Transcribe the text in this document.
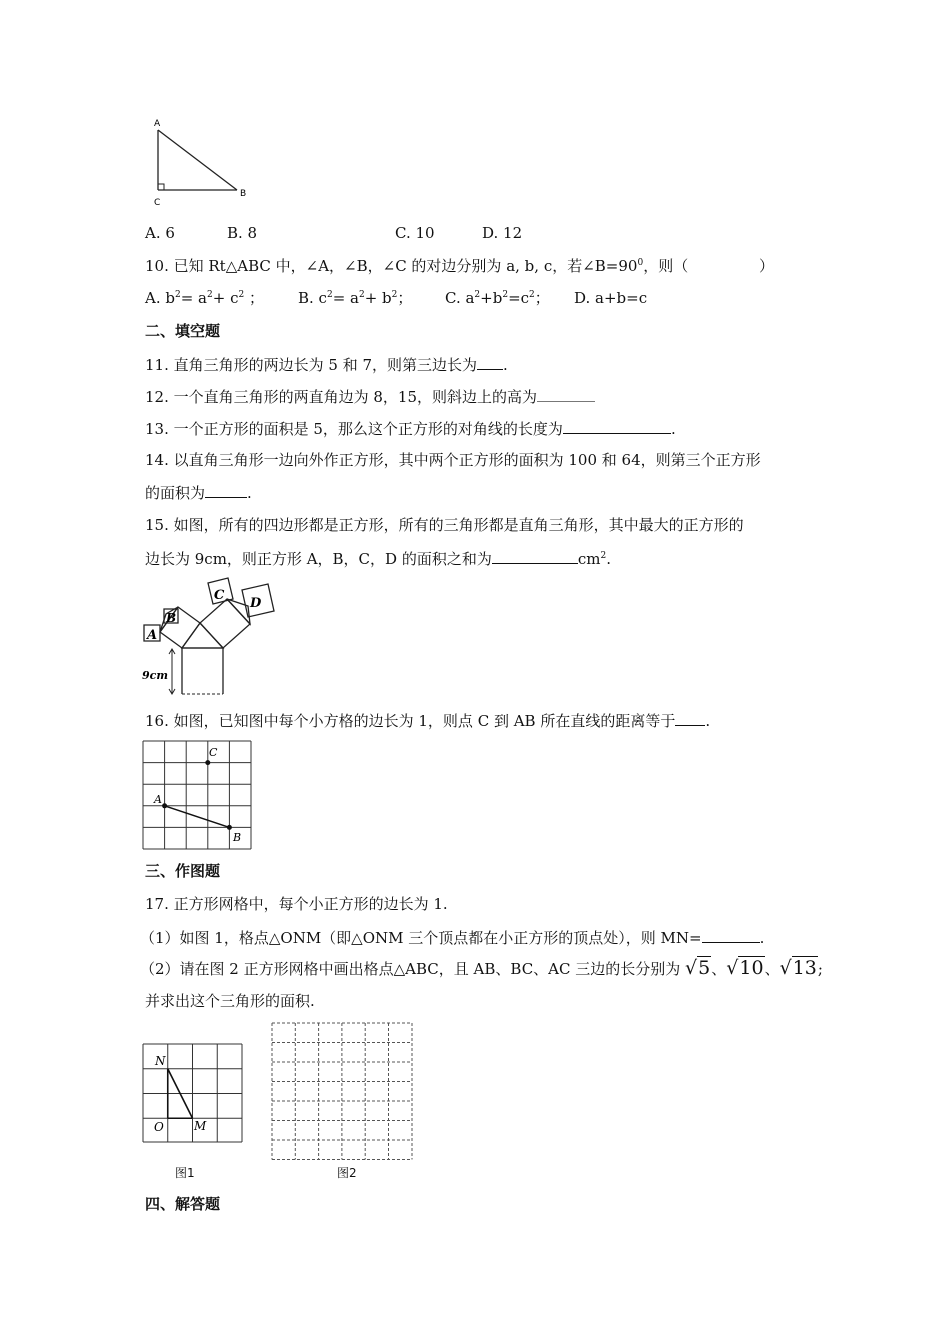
A
B
C
A. 6	B. 8	C. 10	D. 12
10. 已知 Rt△ABC 中，∠A，∠B，∠C 的对边分别为 a, b, c，若$\angle B=90^0$，则（	）
A. $b^2= a^2+ c^2$ ； B. $c^2= a^2+ b^2$； C. $a^2+b^2=c^2$； D. a+b=c
二、填空题
11. 直角三角形的两边长为 5 和 7，则第三边长为 .
12. 一个直角三角形的两直角边为 8，15，则斜边上的高为
13. 一个正方形的面积是 5，那么这个正方形的对角线的长度为	.
14. 以直角三角形一边向外作正方形，其中两个正方形的面积为 100 和 64，则第三个正方形
的面积为	.
15. 如图，所有的四边形都是正方形，所有的三角形都是直角三角形，其中最大的正方形的
边长为 9cm，则正方形 A，B，C，D 的面积之和为	$cm^2$.
A
B
C
D
9cm
16. 如图，已知图中每个小方格的边长为 1，则点 C 到 AB 所在直线的距离等于 .
A
B
C
三、作图题
17. 正方形网格中，每个小正方形的边长为 1.
（1）如图 1，格点△ONM（即△ONM 三个顶点都在小正方形的顶点处），则 MN=	.
（2）请在图 2 正方形网格中画出格点△ABC，且 AB、BC、AC 三边的长分别为 √5、√10、√13;
并求出这个三角形的面积.
N
O	M
图1	图2
四、解答题
